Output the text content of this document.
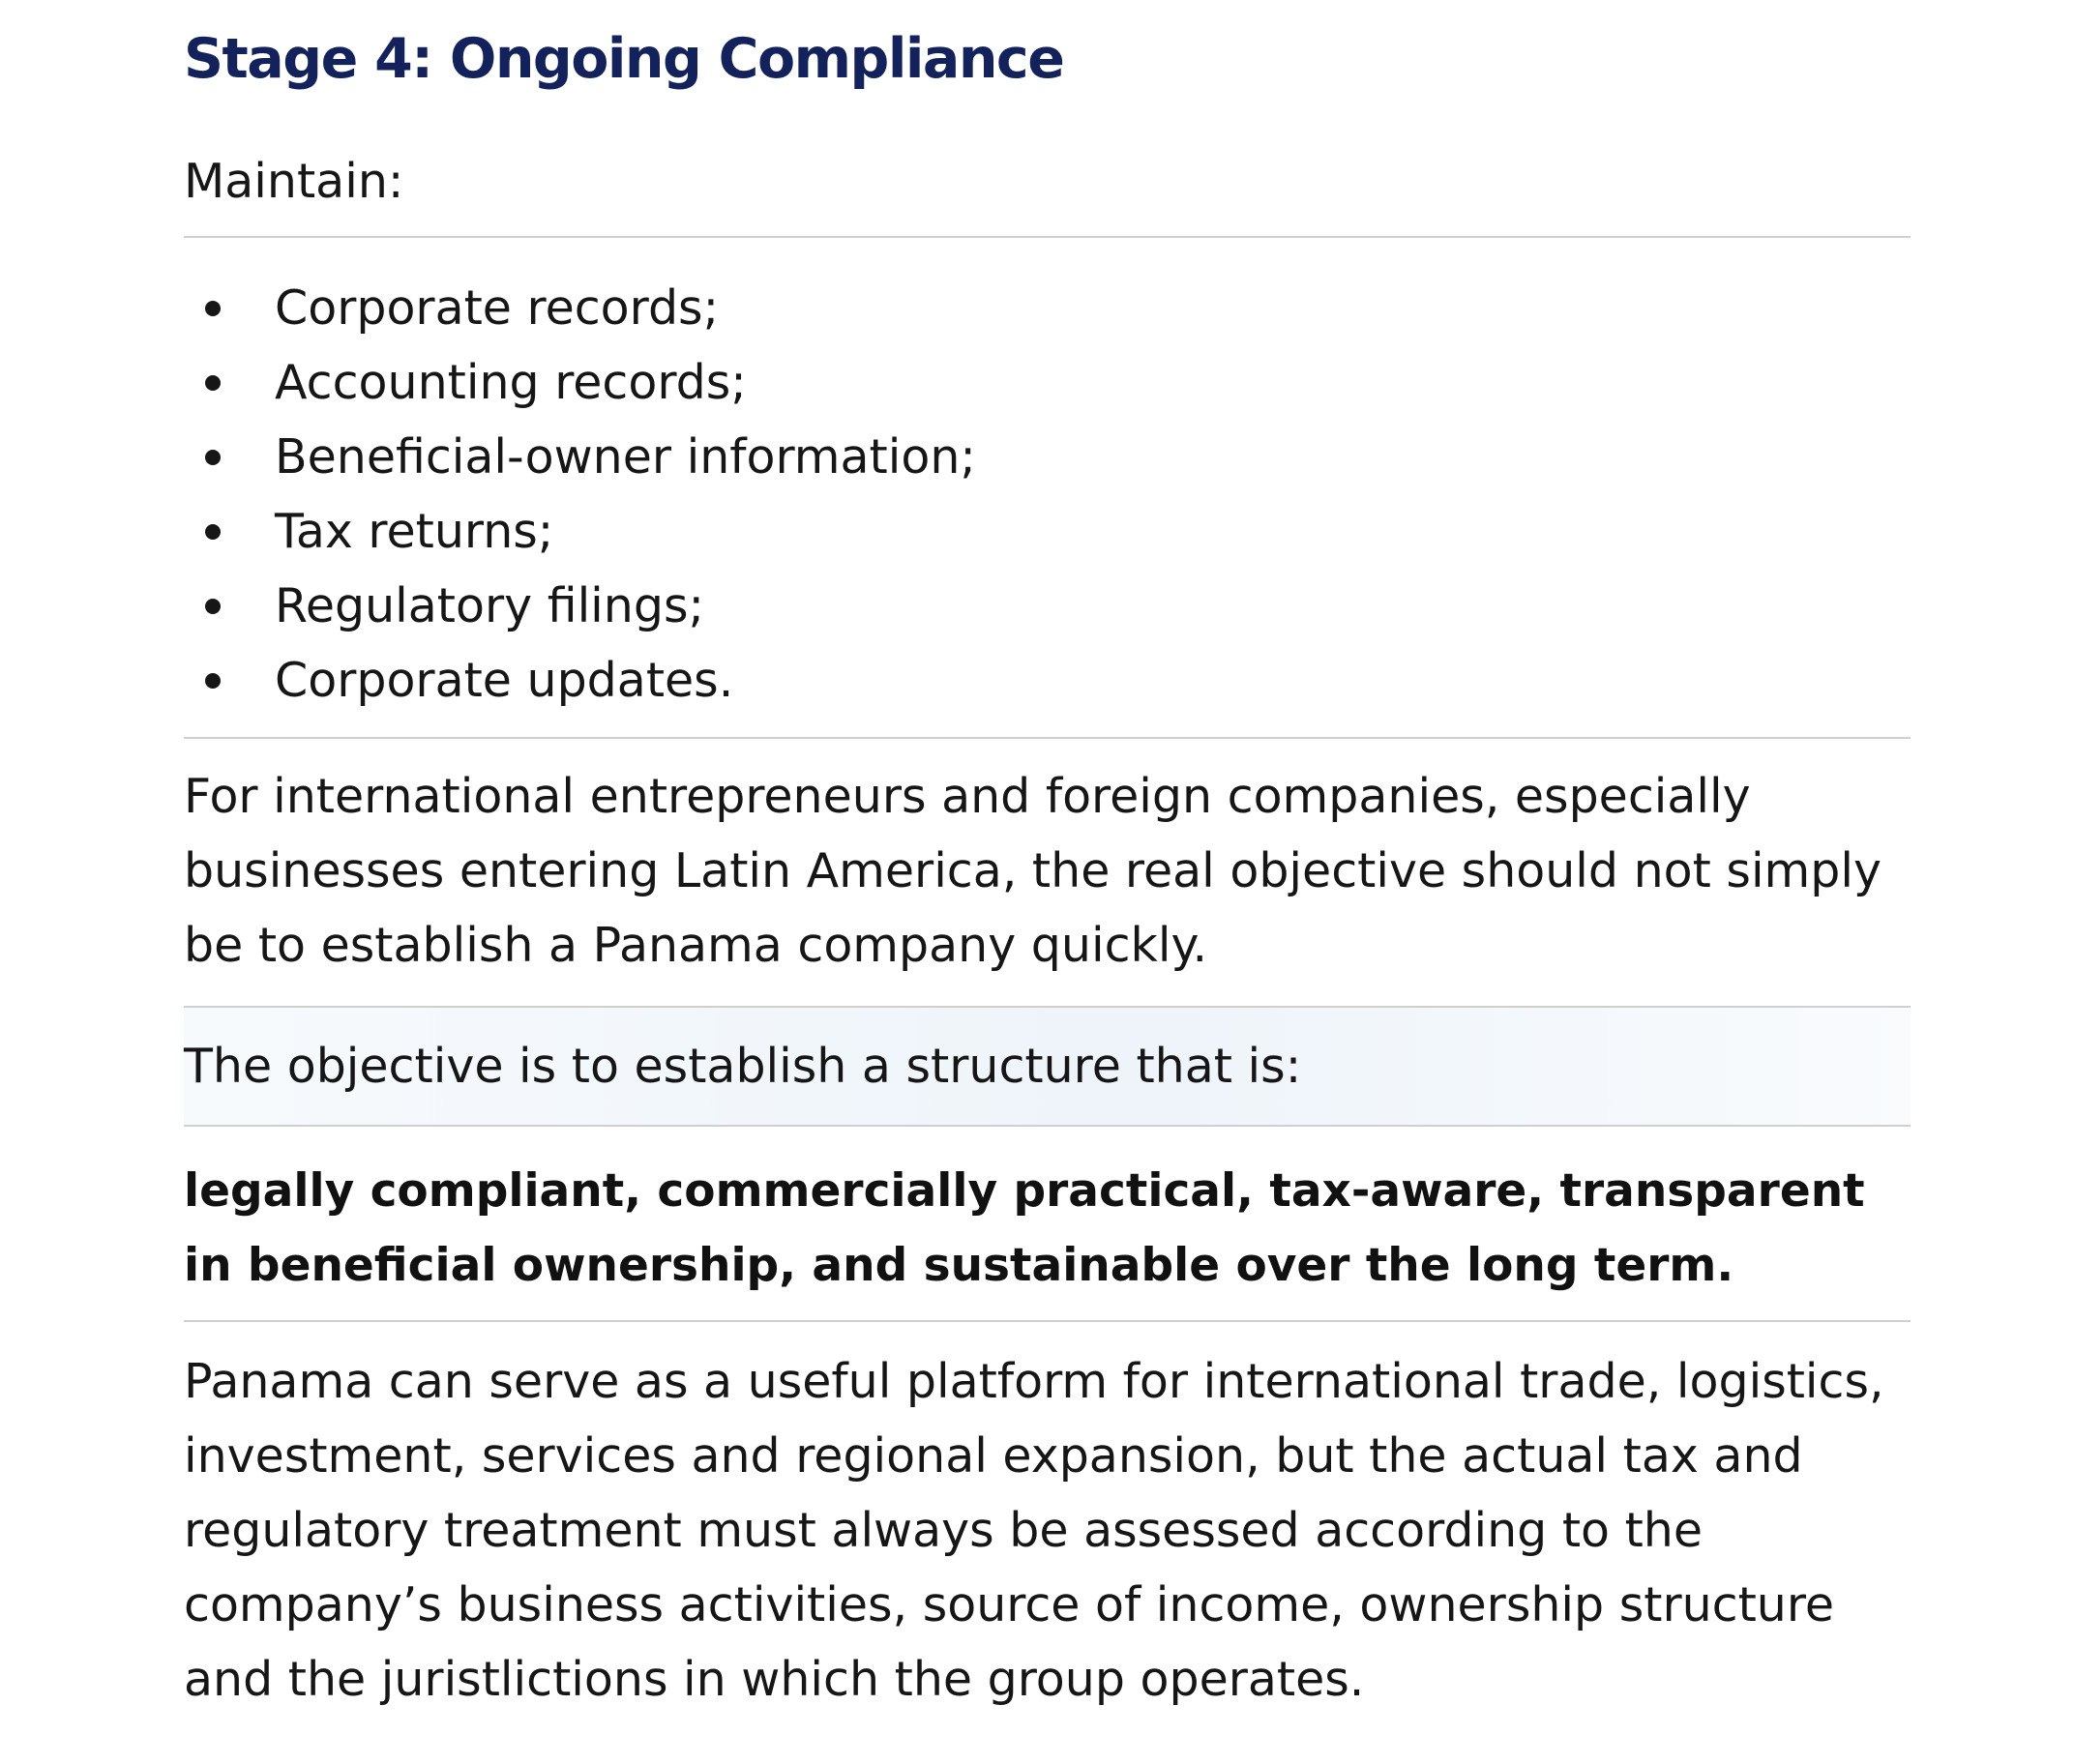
Stage 4: Ongoing Compliance

Maintain:

Corporate records;
Accounting records;
Beneficial-owner information;
Tax returns;
Regulatory filings;
Corporate updates.

For international entrepreneurs and foreign companies, especially businesses entering Latin America, the real objective should not simply be to establish a Panama company quickly.

The objective is to establish a structure that is:

legally compliant, commercially practical, tax-aware, transparent in beneficial ownership, and sustainable over the long term.

Panama can serve as a useful platform for international trade, logistics, investment, services and regional expansion, but the actual tax and regulatory treatment must always be assessed according to the company’s business activities, source of income, ownership structure and the juristlictions in which the group operates.
